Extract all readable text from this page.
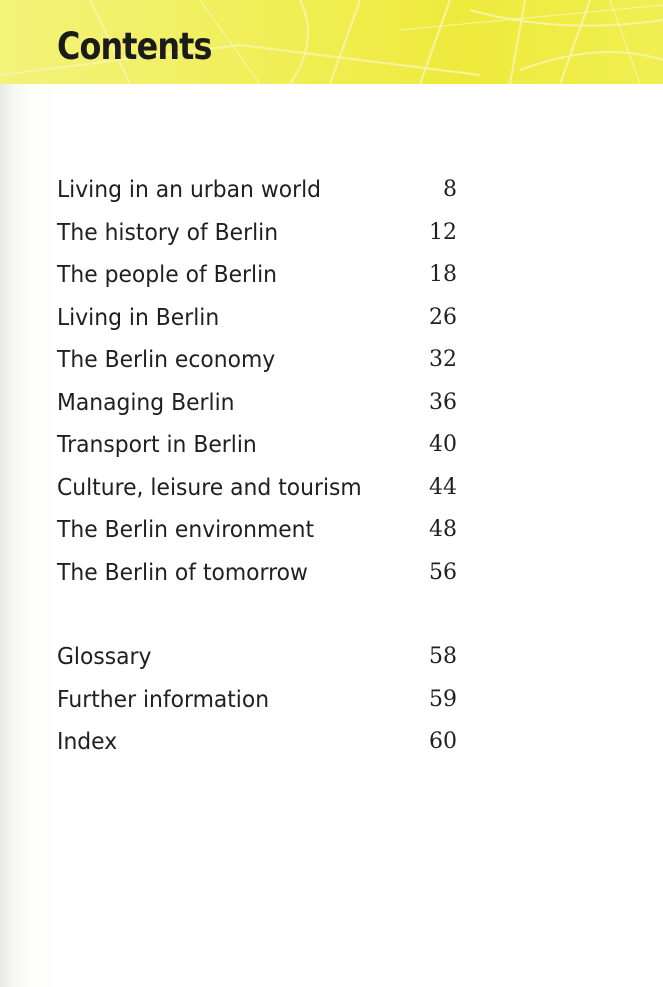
Contents
Living in an urban world	8
The history of Berlin	12
The people of Berlin	18
Living in Berlin	26
The Berlin economy	32
Managing Berlin	36
Transport in Berlin	40
Culture, leisure and tourism	44
The Berlin environment	48
The Berlin of tomorrow	56
Glossary	58
Further information	59
Index	60
